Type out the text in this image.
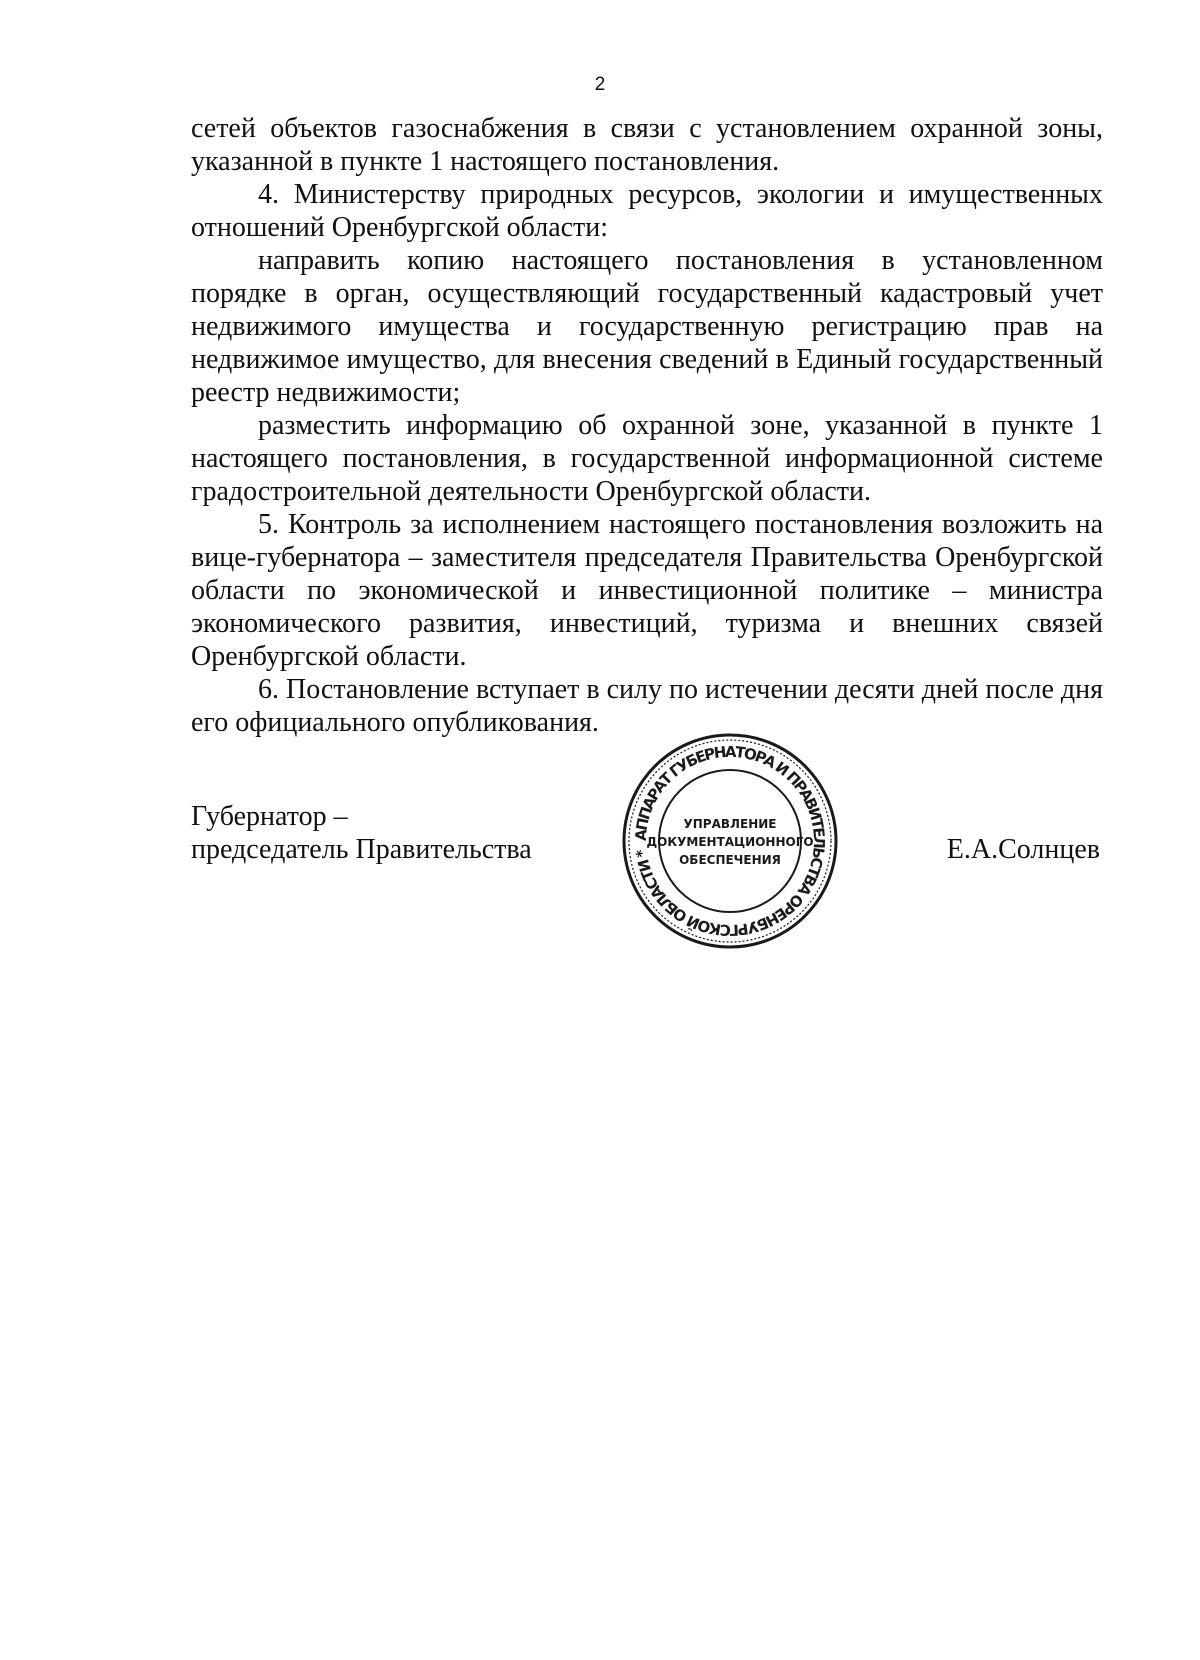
2

сетей объектов газоснабжения в связи с установлением охранной зоны, указанной в пункте 1 настоящего постановления.

4. Министерству природных ресурсов, экологии и имущественных отношений Оренбургской области:

направить копию настоящего постановления в установленном порядке в орган, осуществляющий государственный кадастровый учет недвижимого имущества и государственную регистрацию прав на недвижимое имущество, для внесения сведений в Единый государственный реестр недвижимости;

разместить информацию об охранной зоне, указанной в пункте 1 настоящего постановления, в государственной информационной системе градостроительной деятельности Оренбургской области.

5. Контроль за исполнением настоящего постановления возложить на вице-губернатора – заместителя председателя Правительства Оренбургской области по экономической и инвестиционной политике – министра экономического развития, инвестиций, туризма и внешних связей Оренбургской области.

6. Постановление вступает в силу по истечении десяти дней после дня его официального опубликования.

Губернатор –
председатель Правительства	АППАРАТ ГУБЕРНАТОРА И ПРАВИТЕЛЬСТВА ОРЕНБУРГСКОЙ ОБЛАСТИ *
УПРАВЛЕНИЕ
ДОКУМЕНТАЦИОННОГО
ОБЕСПЕЧЕНИЯ	Е.А.Солнцев
